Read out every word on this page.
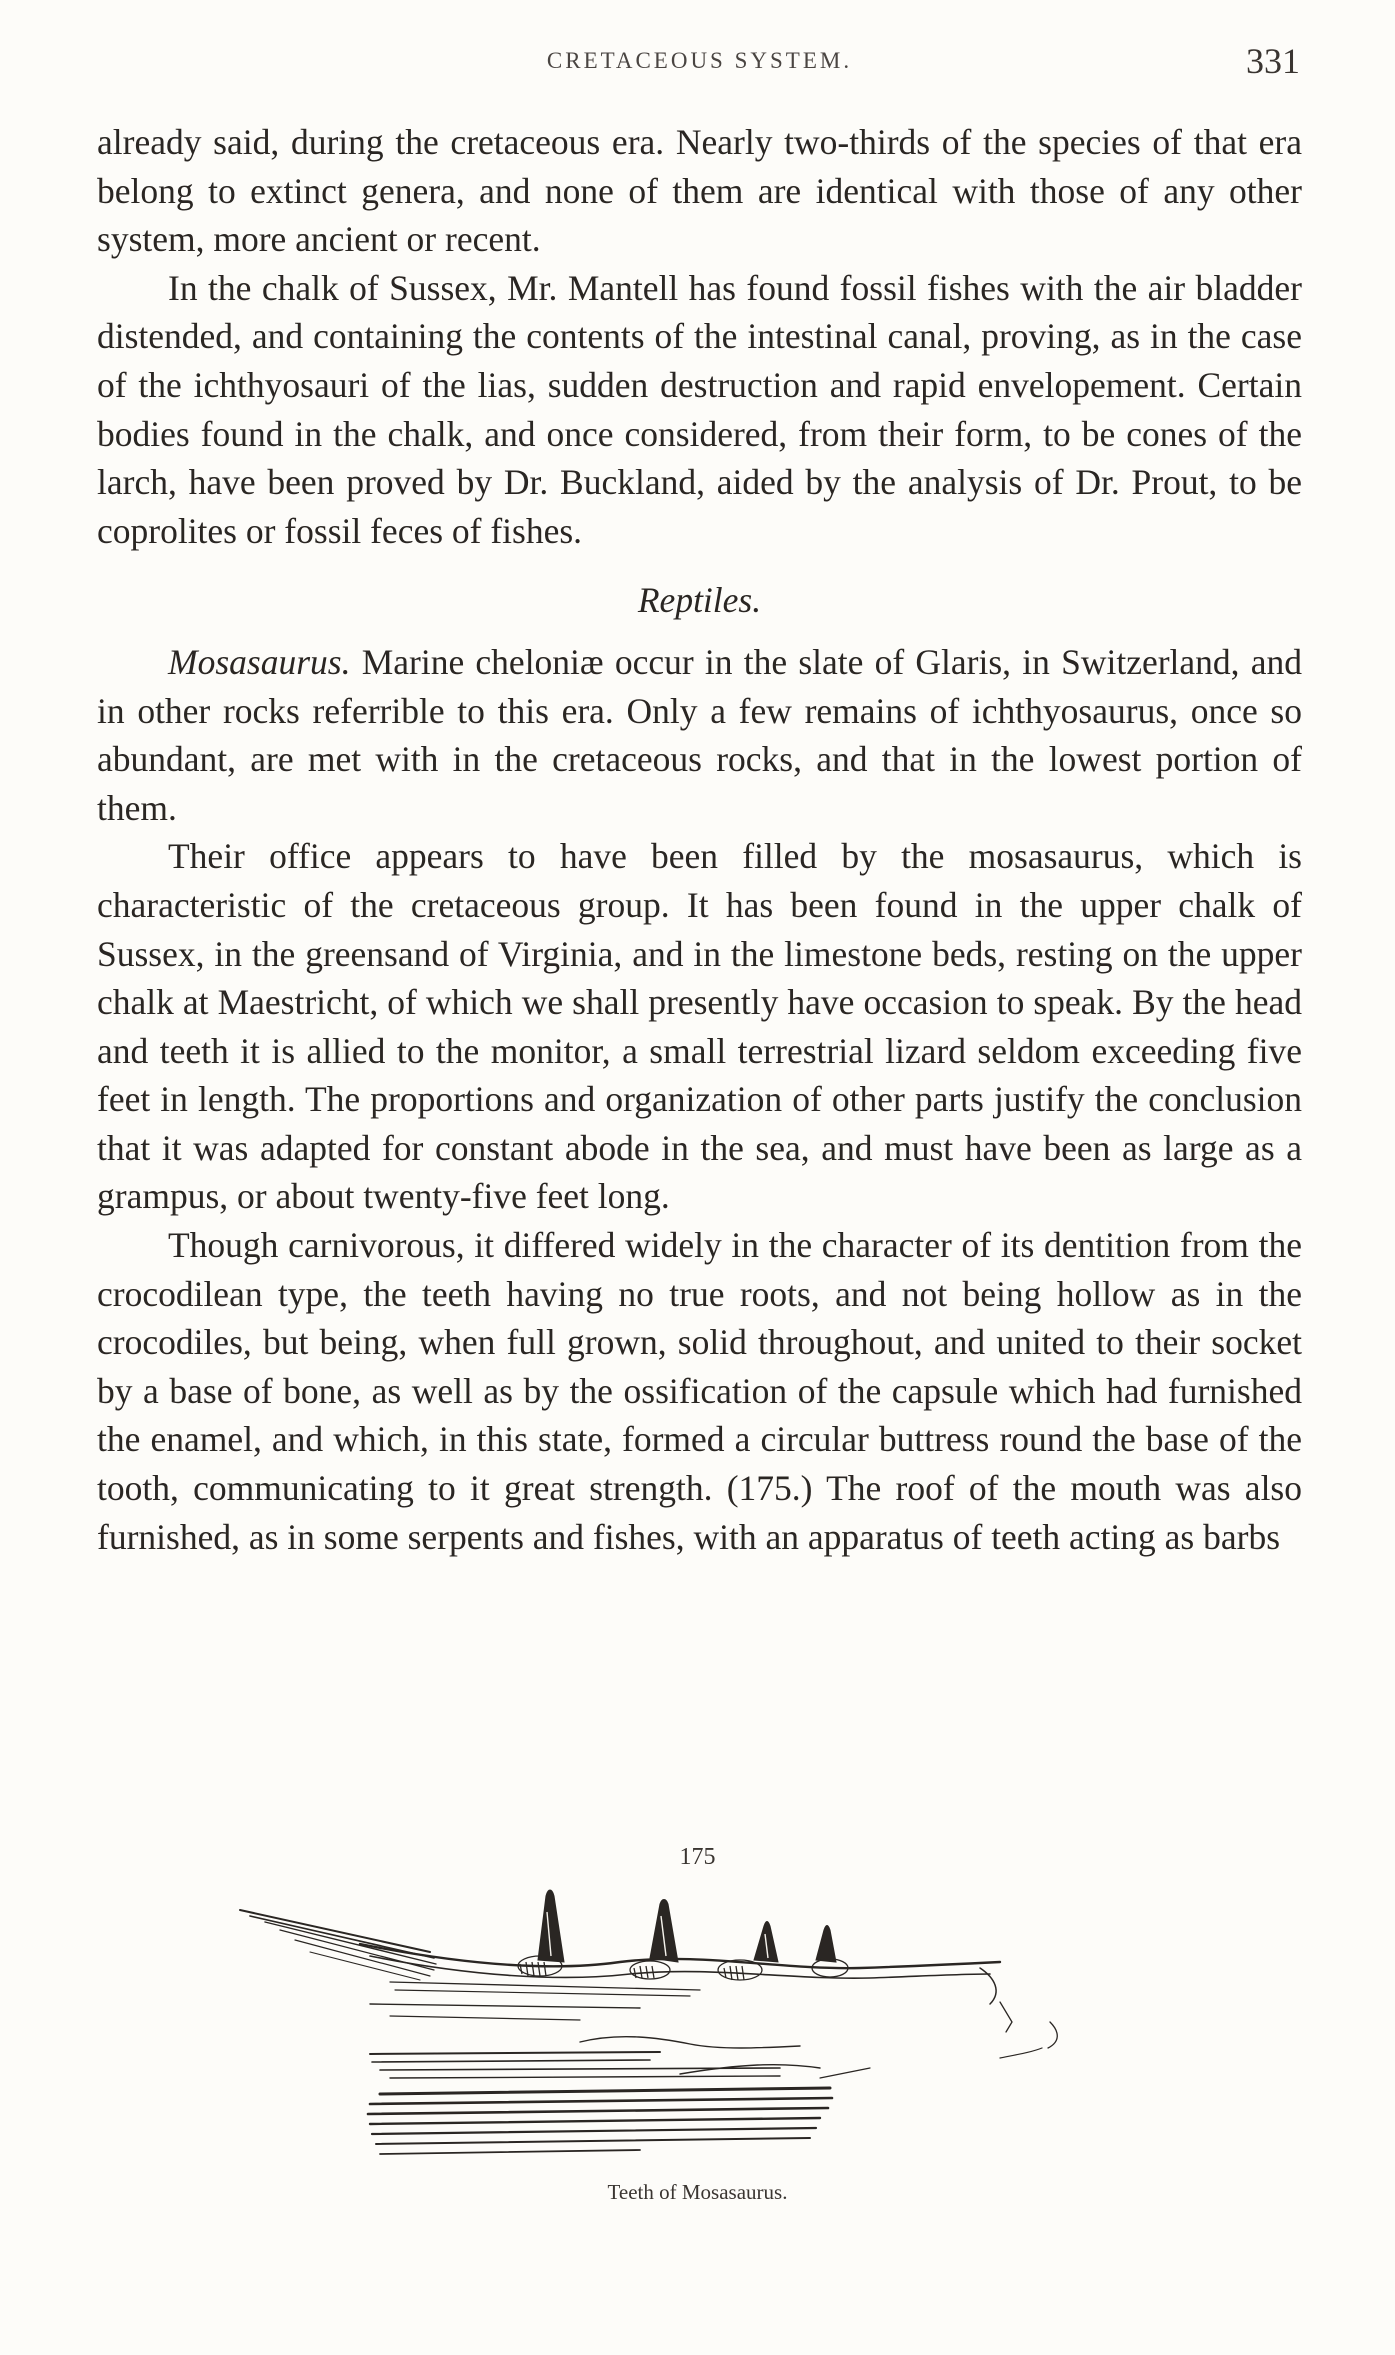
CRETACEOUS SYSTEM.	331

already said, during the cretaceous era. Nearly two-thirds of the species of that era belong to extinct genera, and none of them are identical with those of any other system, more ancient or recent.

In the chalk of Sussex, Mr. Mantell has found fossil fishes with the air bladder distended, and containing the contents of the intestinal canal, proving, as in the case of the ichthyosauri of the lias, sudden destruction and rapid envelopement. Certain bodies found in the chalk, and once considered, from their form, to be cones of the larch, have been proved by Dr. Buckland, aided by the analysis of Dr. Prout, to be coprolites or fossil feces of fishes.

Reptiles.

Mosasaurus. Marine cheloniæ occur in the slate of Glaris, in Switzerland, and in other rocks referrible to this era. Only a few remains of ichthyosaurus, once so abundant, are met with in the cretaceous rocks, and that in the lowest portion of them.

Their office appears to have been filled by the mosasaurus, which is characteristic of the cretaceous group. It has been found in the upper chalk of Sussex, in the greensand of Virginia, and in the limestone beds, resting on the upper chalk at Maestricht, of which we shall presently have occasion to speak. By the head and teeth it is allied to the monitor, a small terrestrial lizard seldom exceeding five feet in length. The proportions and organization of other parts justify the conclusion that it was adapted for constant abode in the sea, and must have been as large as a grampus, or about twenty-five feet long.

Though carnivorous, it differed widely in the character of its dentition from the crocodilean type, the teeth having no true roots, and not being hollow as in the crocodiles, but being, when full grown, solid throughout, and united to their socket by a base of bone, as well as by the ossification of the capsule which had furnished the enamel, and which, in this state, formed a circular buttress round the base of the tooth, communicating to it great strength. (175.) The roof of the mouth was also furnished, as in some serpents and fishes, with an apparatus of teeth acting as barbs

175
Teeth of Mosasaurus.
